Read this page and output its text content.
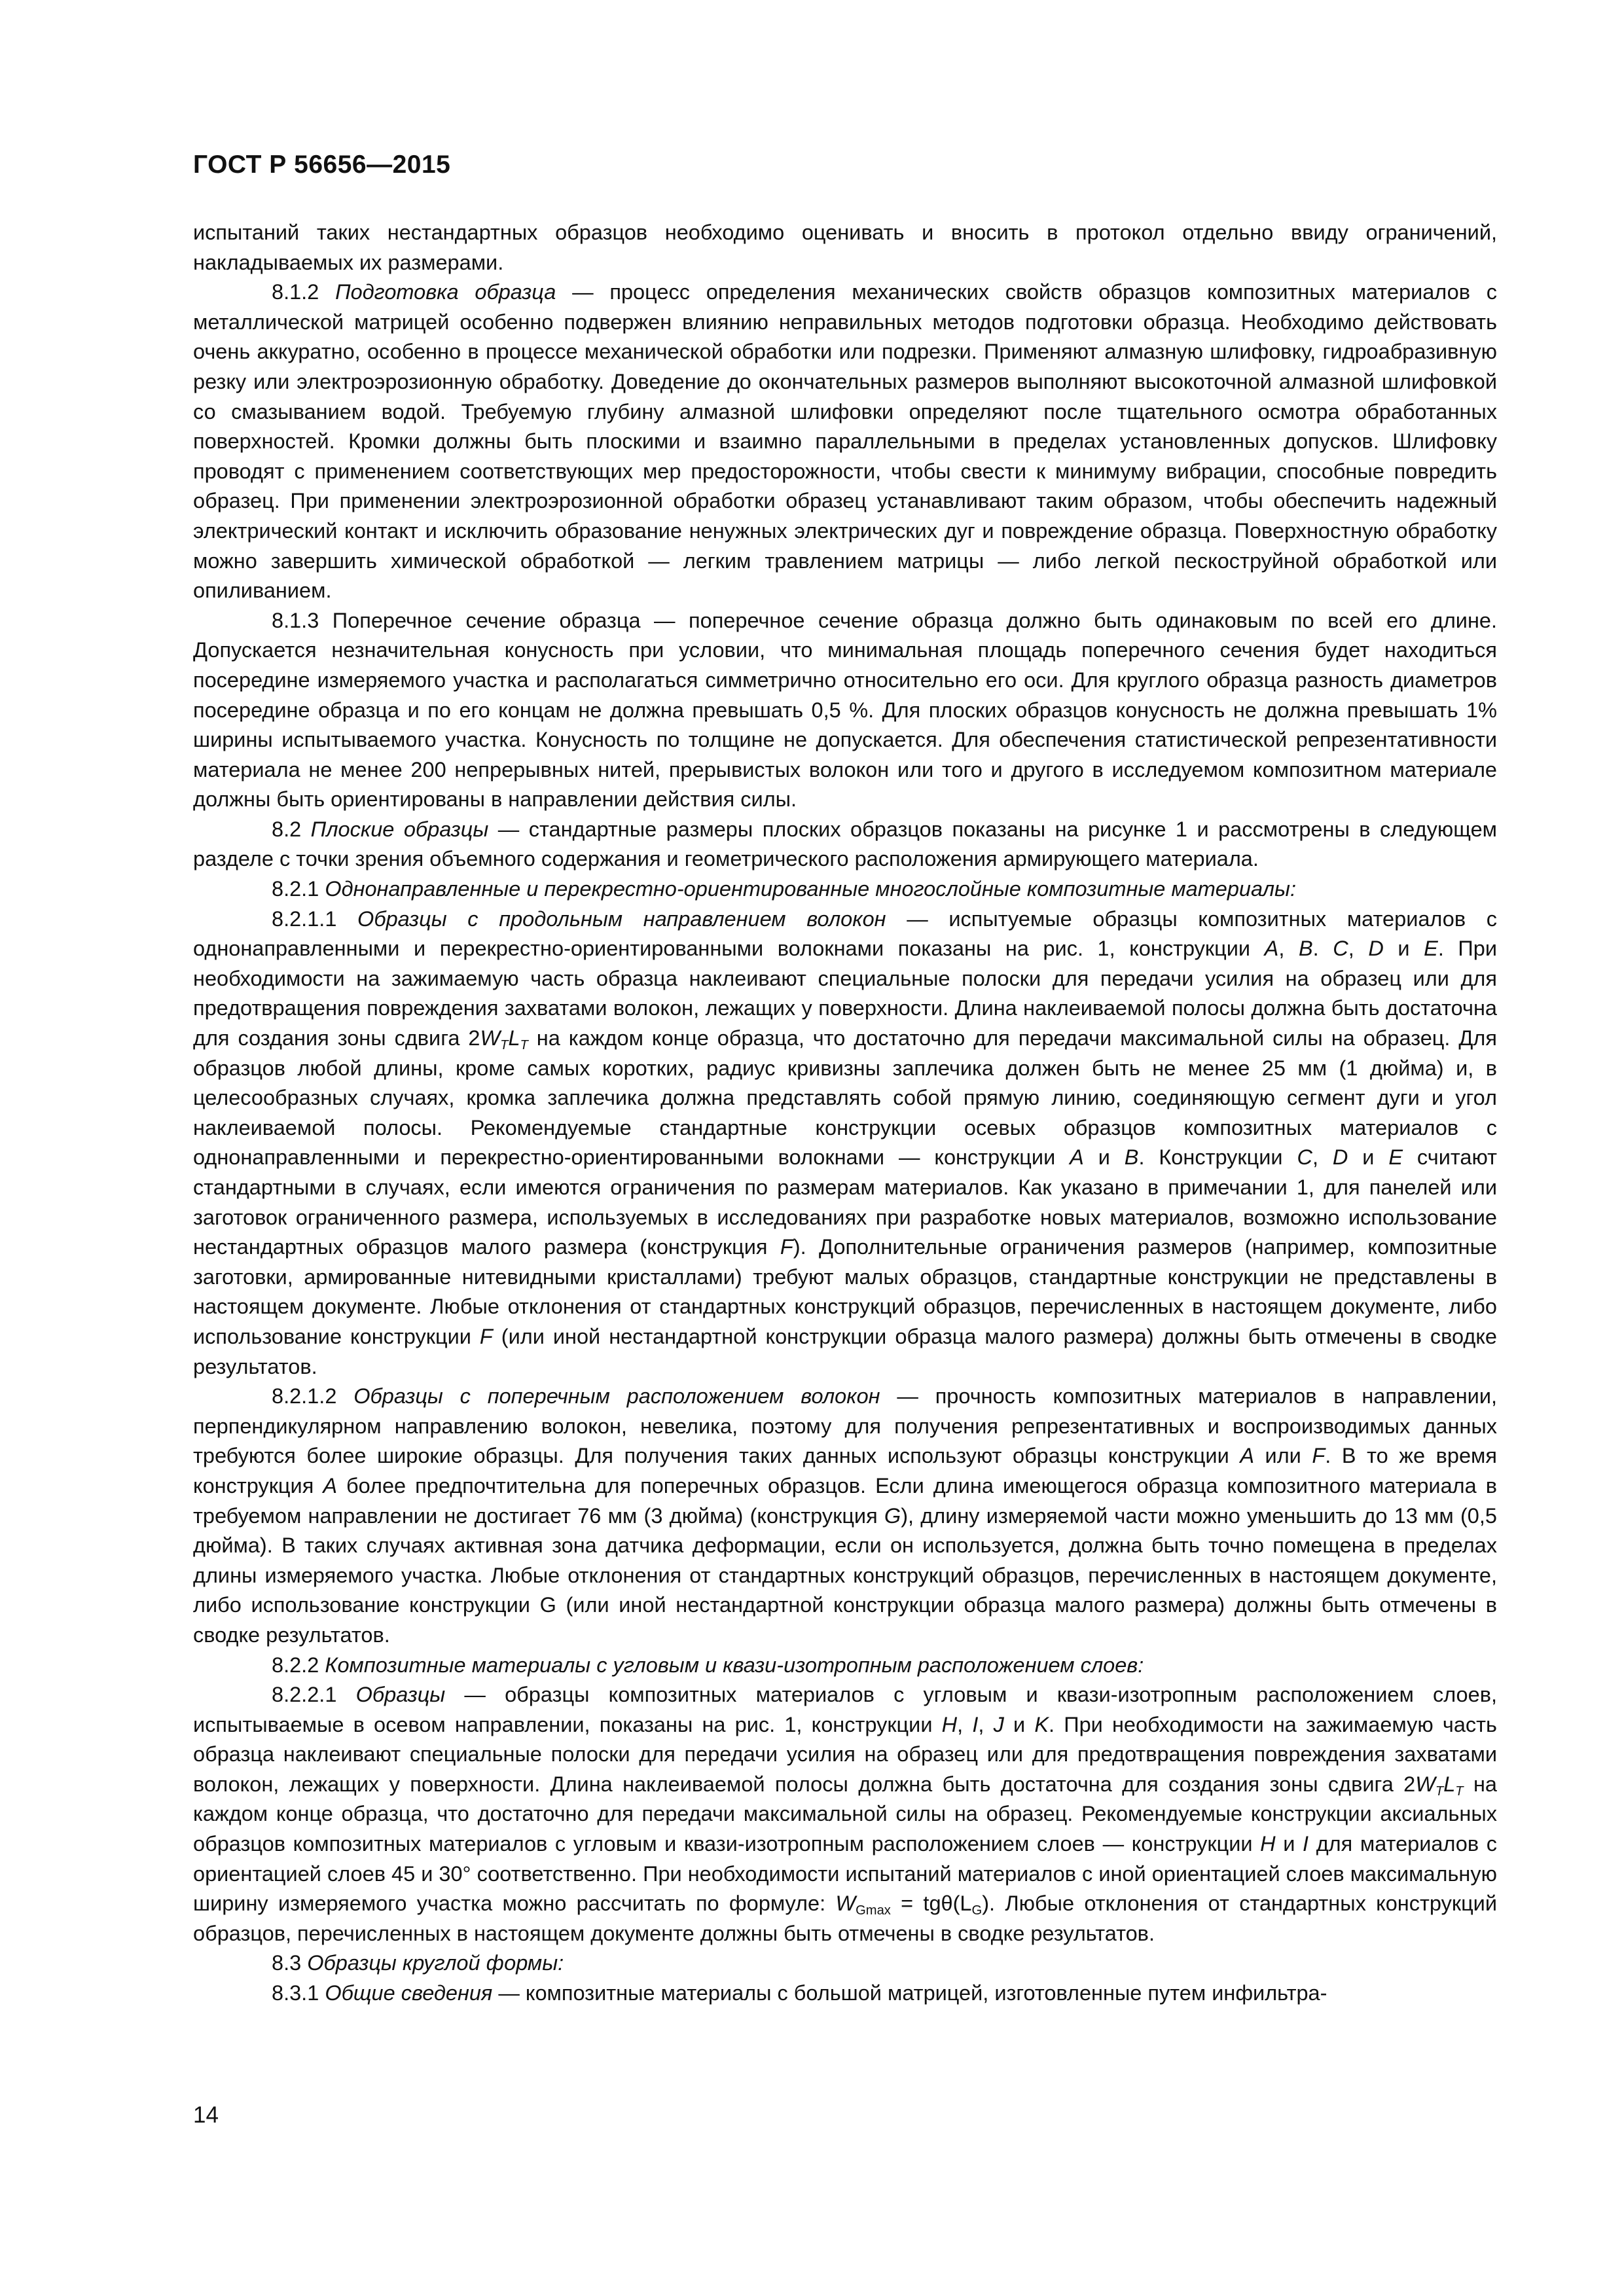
ГОСТ Р 56656—2015

испытаний таких нестандартных образцов необходимо оценивать и вносить в протокол отдельно ввиду ограничений, накладываемых их размерами.

8.1.2 Подготовка образца — процесс определения механических свойств образцов композитных материалов с металлической матрицей особенно подвержен влиянию неправильных методов подготовки образца. Необходимо действовать очень аккуратно, особенно в процессе механической обработки или подрезки. Применяют алмазную шлифовку, гидроабразивную резку или электроэрозионную обработку. Доведение до окончательных размеров выполняют высокоточной алмазной шлифовкой со смазыванием водой. Требуемую глубину алмазной шлифовки определяют после тщательного осмотра обработанных поверхностей. Кромки должны быть плоскими и взаимно параллельными в пределах установленных допусков. Шлифовку проводят с применением соответствующих мер предосторожности, чтобы свести к минимуму вибрации, способные повредить образец. При применении электроэрозионной обработки образец устанавливают таким образом, чтобы обеспечить надежный электрический контакт и исключить образование ненужных электрических дуг и повреждение образца. Поверхностную обработку можно завершить химической обработкой — легким травлением матрицы — либо легкой пескоструйной обработкой или опиливанием.

8.1.3 Поперечное сечение образца — поперечное сечение образца должно быть одинаковым по всей его длине. Допускается незначительная конусность при условии, что минимальная площадь поперечного сечения будет находиться посередине измеряемого участка и располагаться симметрично относительно его оси. Для круглого образца разность диаметров посередине образца и по его концам не должна превышать 0,5 %. Для плоских образцов конусность не должна превышать 1% ширины испытываемого участка. Конусность по толщине не допускается. Для обеспечения статистической репрезентативности материала не менее 200 непрерывных нитей, прерывистых волокон или того и другого в исследуемом композитном материале должны быть ориентированы в направлении действия силы.

8.2 Плоские образцы — стандартные размеры плоских образцов показаны на рисунке 1 и рассмотрены в следующем разделе с точки зрения объемного содержания и геометрического расположения армирующего материала.

8.2.1 Однонаправленные и перекрестно-ориентированные многослойные композитные материалы:

8.2.1.1 Образцы с продольным направлением волокон — испытуемые образцы композитных материалов с однонаправленными и перекрестно-ориентированными волокнами показаны на рис. 1, конструкции A, B. C, D и E. При необходимости на зажимаемую часть образца наклеивают специальные полоски для передачи усилия на образец или для предотвращения повреждения захватами волокон, лежащих у поверхности. Длина наклеиваемой полосы должна быть достаточна для создания зоны сдвига $2W_TL_T$ на каждом конце образца, что достаточно для передачи максимальной силы на образец. Для образцов любой длины, кроме самых коротких, радиус кривизны заплечика должен быть не менее 25 мм (1 дюйма) и, в целесообразных случаях, кромка заплечика должна представлять собой прямую линию, соединяющую сегмент дуги и угол наклеиваемой полосы. Рекомендуемые стандартные конструкции осевых образцов композитных материалов с однонаправленными и перекрестно-ориентированными волокнами — конструкции A и B. Конструкции C, D и E считают стандартными в случаях, если имеются ограничения по размерам материалов. Как указано в примечании 1, для панелей или заготовок ограниченного размера, используемых в исследованиях при разработке новых материалов, возможно использование нестандартных образцов малого размера (конструкция F). Дополнительные ограничения размеров (например, композитные заготовки, армированные нитевидными кристаллами) требуют малых образцов, стандартные конструкции не представлены в настоящем документе. Любые отклонения от стандартных конструкций образцов, перечисленных в настоящем документе, либо использование конструкции F (или иной нестандартной конструкции образца малого размера) должны быть отмечены в сводке результатов.

8.2.1.2 Образцы с поперечным расположением волокон — прочность композитных материалов в направлении, перпендикулярном направлению волокон, невелика, поэтому для получения репрезентативных и воспроизводимых данных требуются более широкие образцы. Для получения таких данных используют образцы конструкции A или F. В то же время конструкция A более предпочтительна для поперечных образцов. Если длина имеющегося образца композитного материала в требуемом направлении не достигает 76 мм (3 дюйма) (конструкция G), длину измеряемой части можно уменьшить до 13 мм (0,5 дюйма). В таких случаях активная зона датчика деформации, если он используется, должна быть точно помещена в пределах длины измеряемого участка. Любые отклонения от стандартных конструкций образцов, перечисленных в настоящем документе, либо использование конструкции G (или иной нестандартной конструкции образца малого размера) должны быть отмечены в сводке результатов.

8.2.2 Композитные материалы с угловым и квази-изотропным расположением слоев:

8.2.2.1 Образцы — образцы композитных материалов с угловым и квази-изотропным расположением слоев, испытываемые в осевом направлении, показаны на рис. 1, конструкции H, I, J и K. При необходимости на зажимаемую часть образца наклеивают специальные полоски для передачи усилия на образец или для предотвращения повреждения захватами волокон, лежащих у поверхности. Длина наклеиваемой полосы должна быть достаточна для создания зоны сдвига $2W_TL_T$ на каждом конце образца, что достаточно для передачи максимальной силы на образец. Рекомендуемые конструкции аксиальных образцов композитных материалов с угловым и квази-изотропным расположением слоев — конструкции H и I для материалов с ориентацией слоев 45 и 30° соответственно. При необходимости испытаний материалов с иной ориентацией слоев максимальную ширину измеряемого участка можно рассчитать по формуле: $W_{Gmax} = tg\theta(L_G)$. Любые отклонения от стандартных конструкций образцов, перечисленных в настоящем документе должны быть отмечены в сводке результатов.

8.3 Образцы круглой формы:

8.3.1 Общие сведения — композитные материалы с большой матрицей, изготовленные путем инфильтра-

14
